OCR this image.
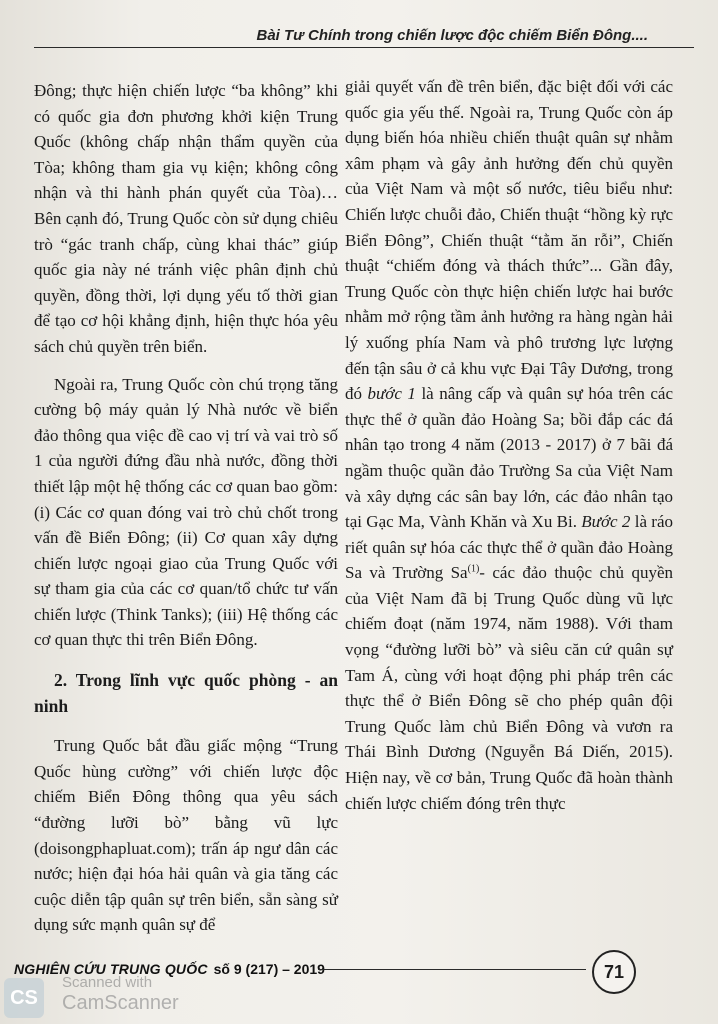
Bài Tư Chính trong chiến lược độc chiếm Biển Đông....

Đông; thực hiện chiến lược “ba không” khi có quốc gia đơn phương khởi kiện Trung Quốc (không chấp nhận thẩm quyền của Tòa; không tham gia vụ kiện; không công nhận và thi hành phán quyết của Tòa)… Bên cạnh đó, Trung Quốc còn sử dụng chiêu trò “gác tranh chấp, cùng khai thác” giúp quốc gia này né tránh việc phân định chủ quyền, đồng thời, lợi dụng yếu tố thời gian để tạo cơ hội khẳng định, hiện thực hóa yêu sách chủ quyền trên biển.

Ngoài ra, Trung Quốc còn chú trọng tăng cường bộ máy quản lý Nhà nước về biển đảo thông qua việc đề cao vị trí và vai trò số 1 của người đứng đầu nhà nước, đồng thời thiết lập một hệ thống các cơ quan bao gồm: (i) Các cơ quan đóng vai trò chủ chốt trong vấn đề Biển Đông; (ii) Cơ quan xây dựng chiến lược ngoại giao của Trung Quốc với sự tham gia của các cơ quan/tổ chức tư vấn chiến lược (Think Tanks); (iii) Hệ thống các cơ quan thực thi trên Biển Đông.

2. Trong lĩnh vực quốc phòng - an ninh

Trung Quốc bắt đầu giấc mộng “Trung Quốc hùng cường” với chiến lược độc chiếm Biển Đông thông qua yêu sách “đường lưỡi bò” bằng vũ lực (doisongphapluat.com); trấn áp ngư dân các nước; hiện đại hóa hải quân và gia tăng các cuộc diễn tập quân sự trên biển, sẵn sàng sử dụng sức mạnh quân sự để

giải quyết vấn đề trên biển, đặc biệt đối với các quốc gia yếu thế. Ngoài ra, Trung Quốc còn áp dụng biến hóa nhiều chiến thuật quân sự nhằm xâm phạm và gây ảnh hưởng đến chủ quyền của Việt Nam và một số nước, tiêu biểu như: Chiến lược chuỗi đảo, Chiến thuật “hồng kỳ rực Biển Đông”, Chiến thuật “tằm ăn rỗi”, Chiến thuật “chiếm đóng và thách thức”... Gần đây, Trung Quốc còn thực hiện chiến lược hai bước nhằm mở rộng tầm ảnh hưởng ra hàng ngàn hải lý xuống phía Nam và phô trương lực lượng đến tận sâu ở cả khu vực Đại Tây Dương, trong đó bước 1 là nâng cấp và quân sự hóa trên các thực thể ở quần đảo Hoàng Sa; bồi đắp các đá nhân tạo trong 4 năm (2013 - 2017) ở 7 bãi đá ngầm thuộc quần đảo Trường Sa của Việt Nam và xây dựng các sân bay lớn, các đảo nhân tạo tại Gạc Ma, Vành Khăn và Xu Bi. Bước 2 là ráo riết quân sự hóa các thực thể ở quần đảo Hoàng Sa và Trường Sa$^{(1)}$- các đảo thuộc chủ quyền của Việt Nam đã bị Trung Quốc dùng vũ lực chiếm đoạt (năm 1974, năm 1988). Với tham vọng “đường lưỡi bò” và siêu căn cứ quân sự Tam Á, cùng với hoạt động phi pháp trên các thực thể ở Biển Đông sẽ cho phép quân đội Trung Quốc làm chủ Biển Đông và vươn ra Thái Bình Dương (Nguyễn Bá Diến, 2015). Hiện nay, về cơ bản, Trung Quốc đã hoàn thành chiến lược chiếm đóng trên thực

NGHIÊN CỨU TRUNG QUỐC số 9 (217) – 2019	71
CS
Scanned with
CamScanner
